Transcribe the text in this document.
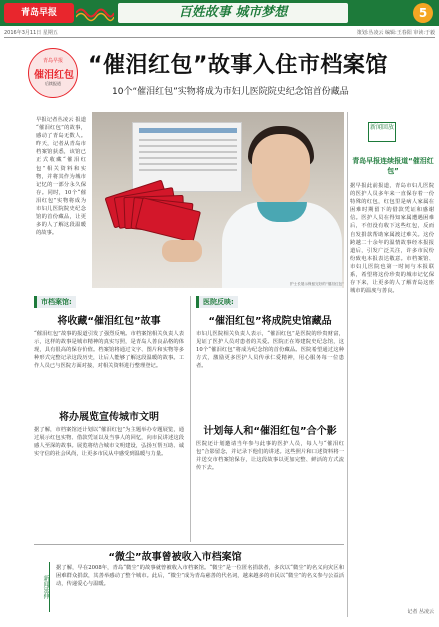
青岛早报	百姓故事 城市梦想	5
2016年3月11日 星期五	策划:丛凌云 编辑:王春阳 审读:于毅
青岛早报
催泪红包
后续报道
“催泪红包”故事入住市档案馆
10个“催泪红包”实物将成为市妇儿医院院史纪念馆首份藏品
早报记者丛凌云 报道 “催泪红包”的故事，感动了青岛无数人。昨天，记者从青岛市档案馆获悉，该馆已正式收藏“催泪红包”相关资料和实物，并将其作为城市记忆的一部分永久保存。同时，10个“催泪红包”实物将成为市妇儿医院院史纪念馆的首份藏品，让更多的人了解这段温暖的故事。
护士长展示保留完好的“催泪红包”
新闻回放
青岛早报连续报道“催泪红包”
据早报此前报道，青岛市妇儿医院的医护人员多年来一直保存着一份特殊的红包，红包里是病人家属在困难时期留下的借款凭证和感谢信。医护人员在得知家属遭遇困难后，不但没有收下这些红包，反而自发捐款帮助家属渡过难关。这份跨越二十余年的温情故事经本报报道后，引发广泛关注，许多市民纷纷致电本报表达敬意。市档案馆、市妇儿医院也第一时间与本报联系，希望将这份珍贵的城市记忆保存下来，让更多的人了解青岛这座城市的温度与善良。
记者 丛凌云
市档案馆:
将收藏“催泪红包”故事
“催泪红包”故事的报道引发了强烈反响。市档案馆相关负责人表示，这样的故事是城市精神的真实写照，是青岛人善良品格的体现，具有很高的保存价值。档案馆将通过文字、图片和实物等多种形式完整记录这段历史，让后人能够了解这段温暖的故事。工作人员已与医院方面对接，对相关资料进行整理登记。
将办展览宣传城市文明
据了解，市档案馆还计划以“催泪红包”为主题举办专题展览，通过展示红包实物、借款凭证以及当事人的回忆，向市民讲述这段感人至深的故事。展览将结合城市文明建设，弘扬互帮互助、诚实守信的社会风尚，让更多市民从中感受到温暖与力量。
医院反映:
“催泪红包”将成院史馆藏品
市妇儿医院相关负责人表示，“催泪红包”是医院的珍贵财富，见证了医护人员对患者的关爱。医院正在筹建院史纪念馆，这10个“催泪红包”将成为纪念馆的首份藏品。医院希望通过这种方式，激励更多医护人员传承仁爱精神，用心服务每一位患者。
计划每人和“催泪红包”合个影
医院还计划邀请当年参与此事的医护人员，每人与“催泪红包”合影留念，并记录下他们的讲述。这些照片和口述资料将一并送交市档案馆保存，让这段故事以更加完整、鲜活的方式流传下去。
“微尘”故事曾被收入市档案馆
新闻延伸
据了解，早在2008年，青岛“微尘”的故事就曾被收入市档案馆。“微尘”是一位匿名捐款者，多次以“微尘”的名义向灾区和困难群众捐款，其善举感动了整个城市。此后，“微尘”成为青岛慈善的代名词，越来越多的市民以“微尘”的名义参与公益活动，传递爱心与温暖。
